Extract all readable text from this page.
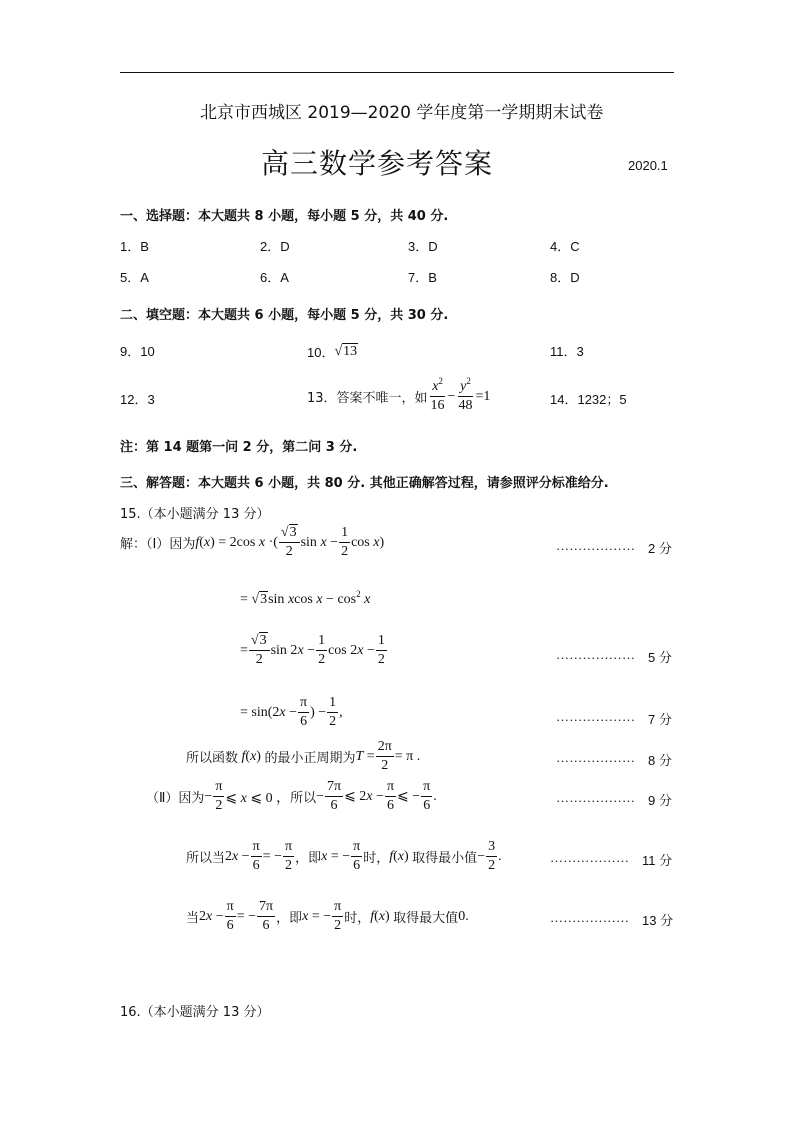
北京市西城区 2019—2020 学年度第一学期期末试卷
高三数学参考答案	2020.1
一、选择题：本大题共 8 小题，每小题 5 分，共 40 分.
1．B	2．D	3．D	4．C
5．A	6．A	7．B	8．D
二、填空题：本大题共 6 小题，每小题 5 分，共 30 分.
9．10	10． √13	11．3
12．3	13．答案不唯一，如 $\frac{x^2}{16} - \frac{y^2}{48} =1$	14．1232；5
注：第 14 题第一问 2 分，第二问 3 分.
三、解答题：本大题共 6 小题，共 80 分. 其他正确解答过程，请参照评分标准给分.
15.（本小题满分 13 分）
解：（Ⅰ）因为 f(x) = 2cos x ·( $\frac{√3}{2}$ $\sin x - \frac{1}{2}$ cos x)	……………… 2 分
= √3sin xcos $x - \cos^2 x$
= $\frac{√3}{2}$ $\sin 2x - \frac{1}{2}$ $\cos 2x - \frac{1}{2}$	……………… 5 分
= $\sin(2x - \frac{\pi}{6}$ ) − $\frac{1}{2}$ ,	……………… 7 分
所以函数 f(x) 的最小正周期为 $T = \frac{2\pi}{2} = \pi$ .	……………… 8 分
（Ⅱ）因为 − $\frac{\pi}{2}$ ⩽ x ⩽ 0 ， 所以 − $\frac{7\pi}{6}$ ⩽ $2x - \frac{\pi}{6}$ ⩽ − $\frac{\pi}{6}$ .	……………… 9 分
所以当 $2x - \frac{\pi}{6}$ = − $\frac{\pi}{2}$ ，即 x = − $\frac{\pi}{6}$ 时， f(x) 取得最小值 − $\frac{3}{2}$ .	……………… 11 分
当 $2x - \frac{\pi}{6}$ = − $\frac{7\pi}{6}$ ，即 x = − $\frac{\pi}{2}$ 时， f(x) 取得最大值 0 .	……………… 13 分
16.（本小题满分 13 分）
